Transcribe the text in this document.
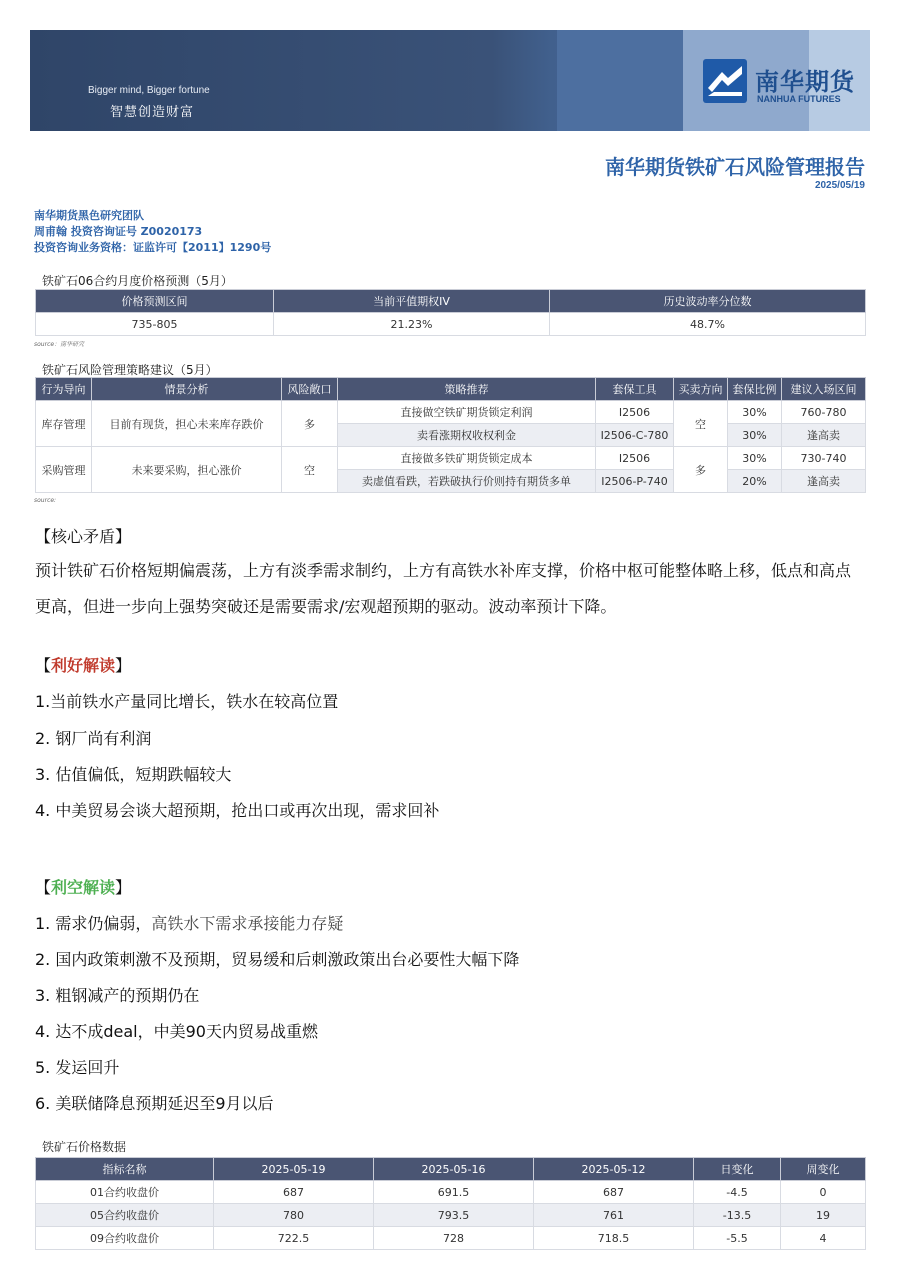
Bigger mind, Bigger fortune
智慧创造财富
南华期货
NANHUA FUTURES
南华期货铁矿石风险管理报告
2025/05/19
南华期货黑色研究团队
周甫翰 投资咨询证号 Z0020173
投资咨询业务资格：证监许可【2011】1290号
铁矿石06合约月度价格预测（5月）
价格预测区间	当前平值期权IV	历史波动率分位数
735-805	21.23%	48.7%
source：南华研究
铁矿石风险管理策略建议（5月）
行为导向	情景分析	风险敞口	策略推荐	套保工具	买卖方向	套保比例	建议入场区间
库存管理	目前有现货，担心未来库存跌价	多	直接做空铁矿期货锁定利润	I2506	空	30%	760-780
			卖看涨期权收权利金	I2506-C-780		30%	逢高卖
采购管理	未来要采购，担心涨价	空	直接做多铁矿期货锁定成本	I2506	多	30%	730-740
			卖虚值看跌，若跌破执行价则持有期货多单	I2506-P-740		20%	逢高卖
source:
【核心矛盾】
预计铁矿石价格短期偏震荡，上方有淡季需求制约，上方有高铁水补库支撑，价格中枢可能整体略上移，低点和高点更高，但进一步向上强势突破还是需要需求/宏观超预期的驱动。波动率预计下降。
【利好解读】
1.当前铁水产量同比增长，铁水在较高位置
2. 钢厂尚有利润
3. 估值偏低，短期跌幅较大
4. 中美贸易会谈大超预期，抢出口或再次出现，需求回补
【利空解读】
1. 需求仍偏弱，高铁水下需求承接能力存疑
2. 国内政策刺激不及预期，贸易缓和后刺激政策出台必要性大幅下降
3. 粗钢减产的预期仍在
4. 达不成deal，中美90天内贸易战重燃
5. 发运回升
6. 美联储降息预期延迟至9月以后
铁矿石价格数据
指标名称	2025-05-19	2025-05-16	2025-05-12	日变化	周变化
01合约收盘价	687	691.5	687	-4.5	0
05合约收盘价	780	793.5	761	-13.5	19
09合约收盘价	722.5	728	718.5	-5.5	4
